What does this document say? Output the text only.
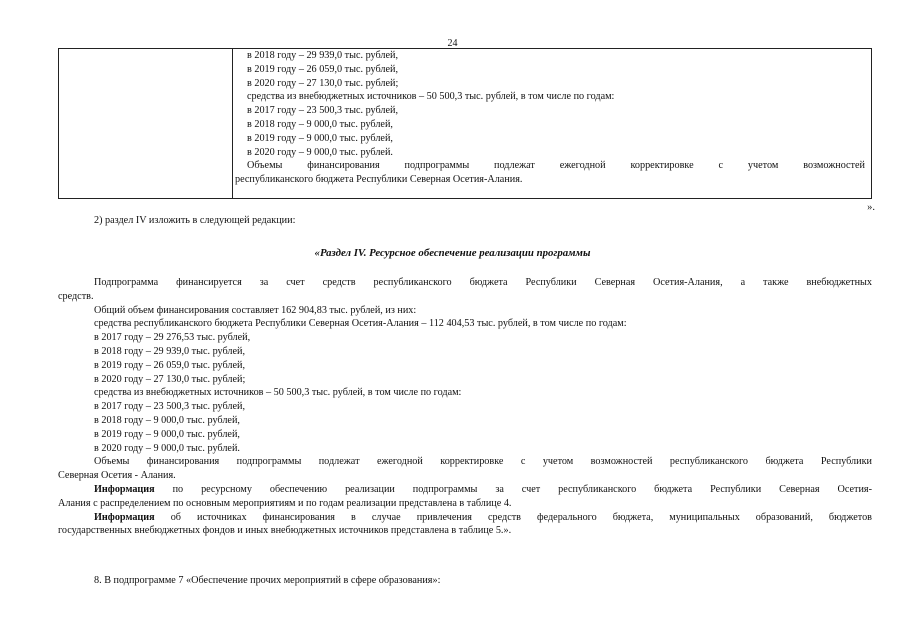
24
в 2018 году – 29 939,0 тыс. рублей,
в 2019 году – 26 059,0 тыс. рублей,
в 2020 году – 27 130,0 тыс. рублей;
средства из внебюджетных источников – 50 500,3 тыс. рублей, в том числе по годам:
в 2017 году – 23 500,3 тыс. рублей,
в 2018 году – 9 000,0 тыс. рублей,
в 2019 году – 9 000,0 тыс. рублей,
в 2020 году – 9 000,0 тыс. рублей.
Объемы финансирования подпрограммы подлежат ежегодной корректировке с учетом возможностей
республиканского бюджета Республики Северная Осетия-Алания.
».
2) раздел IV изложить в следующей редакции:
«Раздел IV. Ресурсное обеспечение реализации программы
Подпрограмма финансируется за счет средств республиканского бюджета Республики Северная Осетия-Алания, а также внебюджетных
средств.
Общий объем финансирования составляет 162 904,83 тыс. рублей, из них:
средства республиканского бюджета Республики Северная Осетия-Алания – 112 404,53 тыс. рублей, в том числе по годам:
в 2017 году – 29 276,53 тыс. рублей,
в 2018 году – 29 939,0 тыс. рублей,
в 2019 году – 26 059,0 тыс. рублей,
в 2020 году – 27 130,0 тыс. рублей;
средства из внебюджетных источников – 50 500,3 тыс. рублей, в том числе по годам:
в 2017 году – 23 500,3 тыс. рублей,
в 2018 году – 9 000,0 тыс. рублей,
в 2019 году – 9 000,0 тыс. рублей,
в 2020 году – 9 000,0 тыс. рублей.
Объемы финансирования подпрограммы подлежат ежегодной корректировке с учетом возможностей республиканского бюджета Республики
Северная Осетия - Алания.
Информация по ресурсному обеспечению реализации подпрограммы за счет республиканского бюджета Республики Северная Осетия-
Алания с распределением по основным мероприятиям и по годам реализации представлена в таблице 4.
Информация об источниках финансирования в случае привлечения средств федерального бюджета, муниципальных образований, бюджетов
государственных внебюджетных фондов и иных внебюджетных источников представлена в таблице 5.».
8. В подпрограмме 7 «Обеспечение прочих мероприятий в сфере образования»:
